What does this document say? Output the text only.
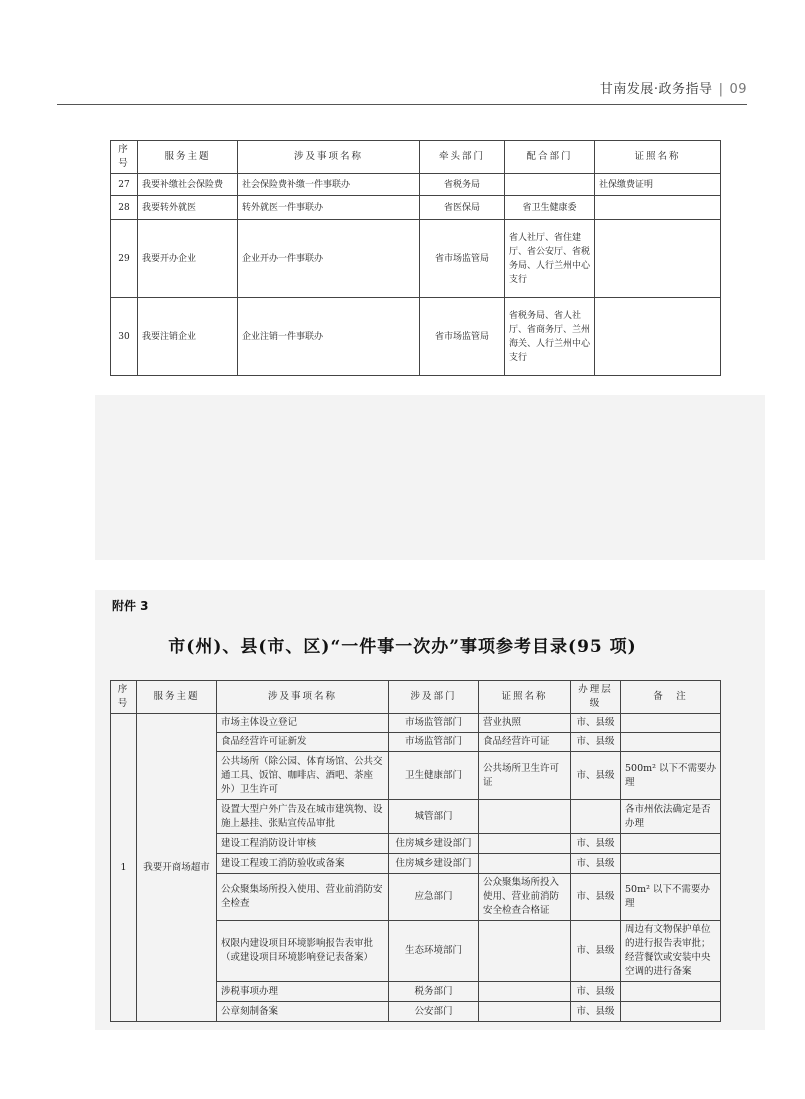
甘南发展·政务指导 | 09
序号	服务主题	涉及事项名称	牵头部门	配合部门	证照名称
27	我要补缴社会保险费	社会保险费补缴一件事联办	省税务局		社保缴费证明
28	我要转外就医	转外就医一件事联办	省医保局	省卫生健康委	
29	我要开办企业	企业开办一件事联办	省市场监管局	省人社厅、省住建厅、省公安厅、省税务局、人行兰州中心支行	
30	我要注销企业	企业注销一件事联办	省市场监管局	省税务局、省人社厅、省商务厅、兰州海关、人行兰州中心支行	
附件 3
市(州)、县(市、区)“一件事一次办”事项参考目录(95 项)
序号	服务主题	涉及事项名称	涉及部门	证照名称	办理层级	备　注
1	我要开商场超市	市场主体设立登记	市场监管部门	营业执照	市、县级	
		食品经营许可证新发	市场监管部门	食品经营许可证	市、县级	
		公共场所（除公园、体育场馆、公共交通工具、饭馆、咖啡店、酒吧、茶座外）卫生许可	卫生健康部门	公共场所卫生许可证	市、县级	500m² 以下不需要办理
		设置大型户外广告及在城市建筑物、设施上悬挂、张贴宣传品审批	城管部门			各市州依法确定是否办理
		建设工程消防设计审核	住房城乡建设部门		市、县级	
		建设工程竣工消防验收或备案	住房城乡建设部门		市、县级	
		公众聚集场所投入使用、营业前消防安全检查	应急部门	公众聚集场所投入使用、营业前消防安全检查合格证	市、县级	50m² 以下不需要办理
		权限内建设项目环境影响报告表审批（或建设项目环境影响登记表备案）	生态环境部门		市、县级	周边有文物保护单位的进行报告表审批；经营餐饮或安装中央空调的进行备案
		涉税事项办理	税务部门		市、县级	
		公章刻制备案	公安部门		市、县级	
